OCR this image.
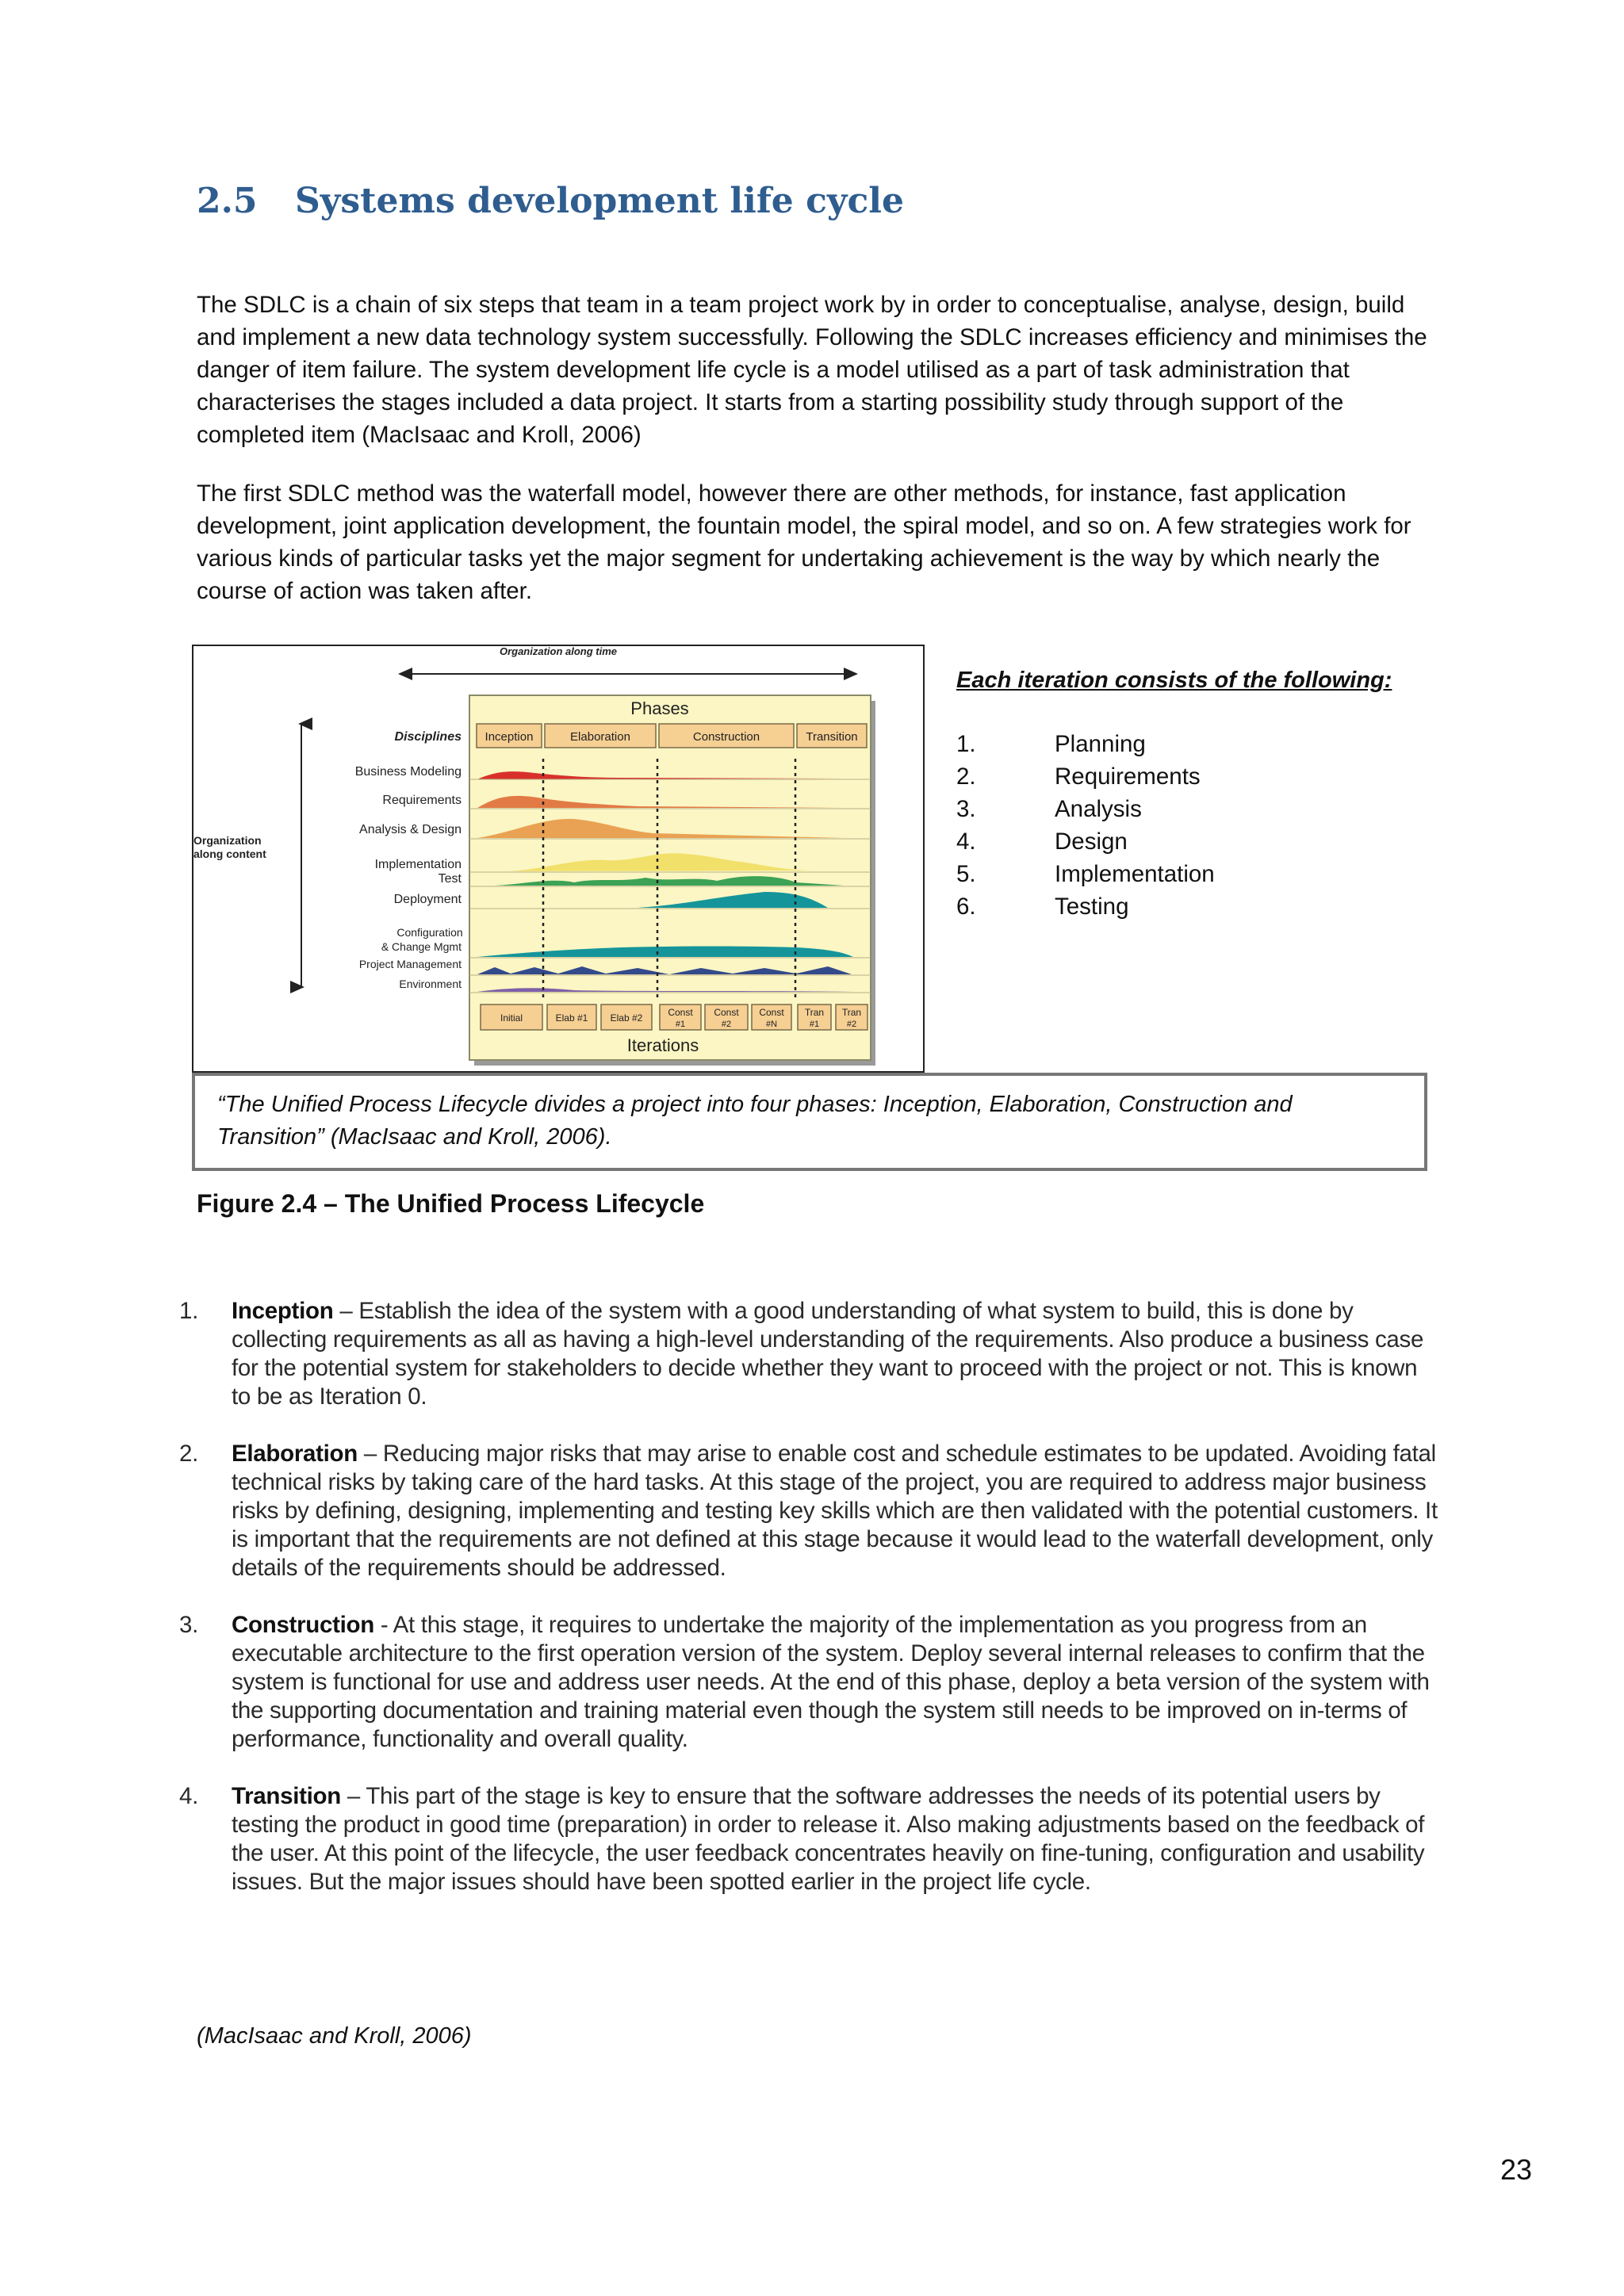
2.5 Systems development life cycle
The SDLC is a chain of six steps that team in a team project work by in order to conceptualise, analyse, design, build and implement a new data technology system successfully. Following the SDLC increases efficiency and minimises the danger of item failure. The system development life cycle is a model utilised as a part of task administration that characterises the stages included a data project. It starts from a starting possibility study through support of the completed item (MacIsaac and Kroll, 2006)
The first SDLC method was the waterfall model, however there are other methods, for instance, fast application development, joint application development, the fountain model, the spiral model, and so on. A few strategies work for various kinds of particular tasks yet the major segment for undertaking achievement is the way by which nearly the course of action was taken after.
Organization along time
Organization
along content
Phases
Inception	Elaboration	Construction	Transition
Disciplines
Business Modeling
Requirements
Analysis & Design
Implementation
Test
Deployment
Configuration
& Change Mgmt
Project Management
Environment
Initial	Elab #1 Elab #2	Const
#1
Const
#2
Const
#N
Tran
#1
Tran
#2
Iterations
Each iteration consists of the following:
1.	Planning
2.	Requirements
3.	Analysis
4.	Design
5.	Implementation
6.	Testing
“The Unified Process Lifecycle divides a project into four phases: Inception, Elaboration, Construction and Transition” (MacIsaac and Kroll, 2006).
Figure 2.4 – The Unified Process Lifecycle
1. Inception – Establish the idea of the system with a good understanding of what system to build, this is done by collecting requirements as all as having a high-level understanding of the requirements. Also produce a business case for the potential system for stakeholders to decide whether they want to proceed with the project or not. This is known to be as Iteration 0.
2. Elaboration – Reducing major risks that may arise to enable cost and schedule estimates to be updated. Avoiding fatal technical risks by taking care of the hard tasks. At this stage of the project, you are required to address major business risks by defining, designing, implementing and testing key skills which are then validated with the potential customers. It is important that the requirements are not defined at this stage because it would lead to the waterfall development, only details of the requirements should be addressed.
3. Construction - At this stage, it requires to undertake the majority of the implementation as you progress from an executable architecture to the first operation version of the system. Deploy several internal releases to confirm that the system is functional for use and address user needs. At the end of this phase, deploy a beta version of the system with the supporting documentation and training material even though the system still needs to be improved on in-terms of performance, functionality and overall quality.
4. Transition – This part of the stage is key to ensure that the software addresses the needs of its potential users by testing the product in good time (preparation) in order to release it. Also making adjustments based on the feedback of the user. At this point of the lifecycle, the user feedback concentrates heavily on fine-tuning, configuration and usability issues. But the major issues should have been spotted earlier in the project life cycle.
(MacIsaac and Kroll, 2006)
23
